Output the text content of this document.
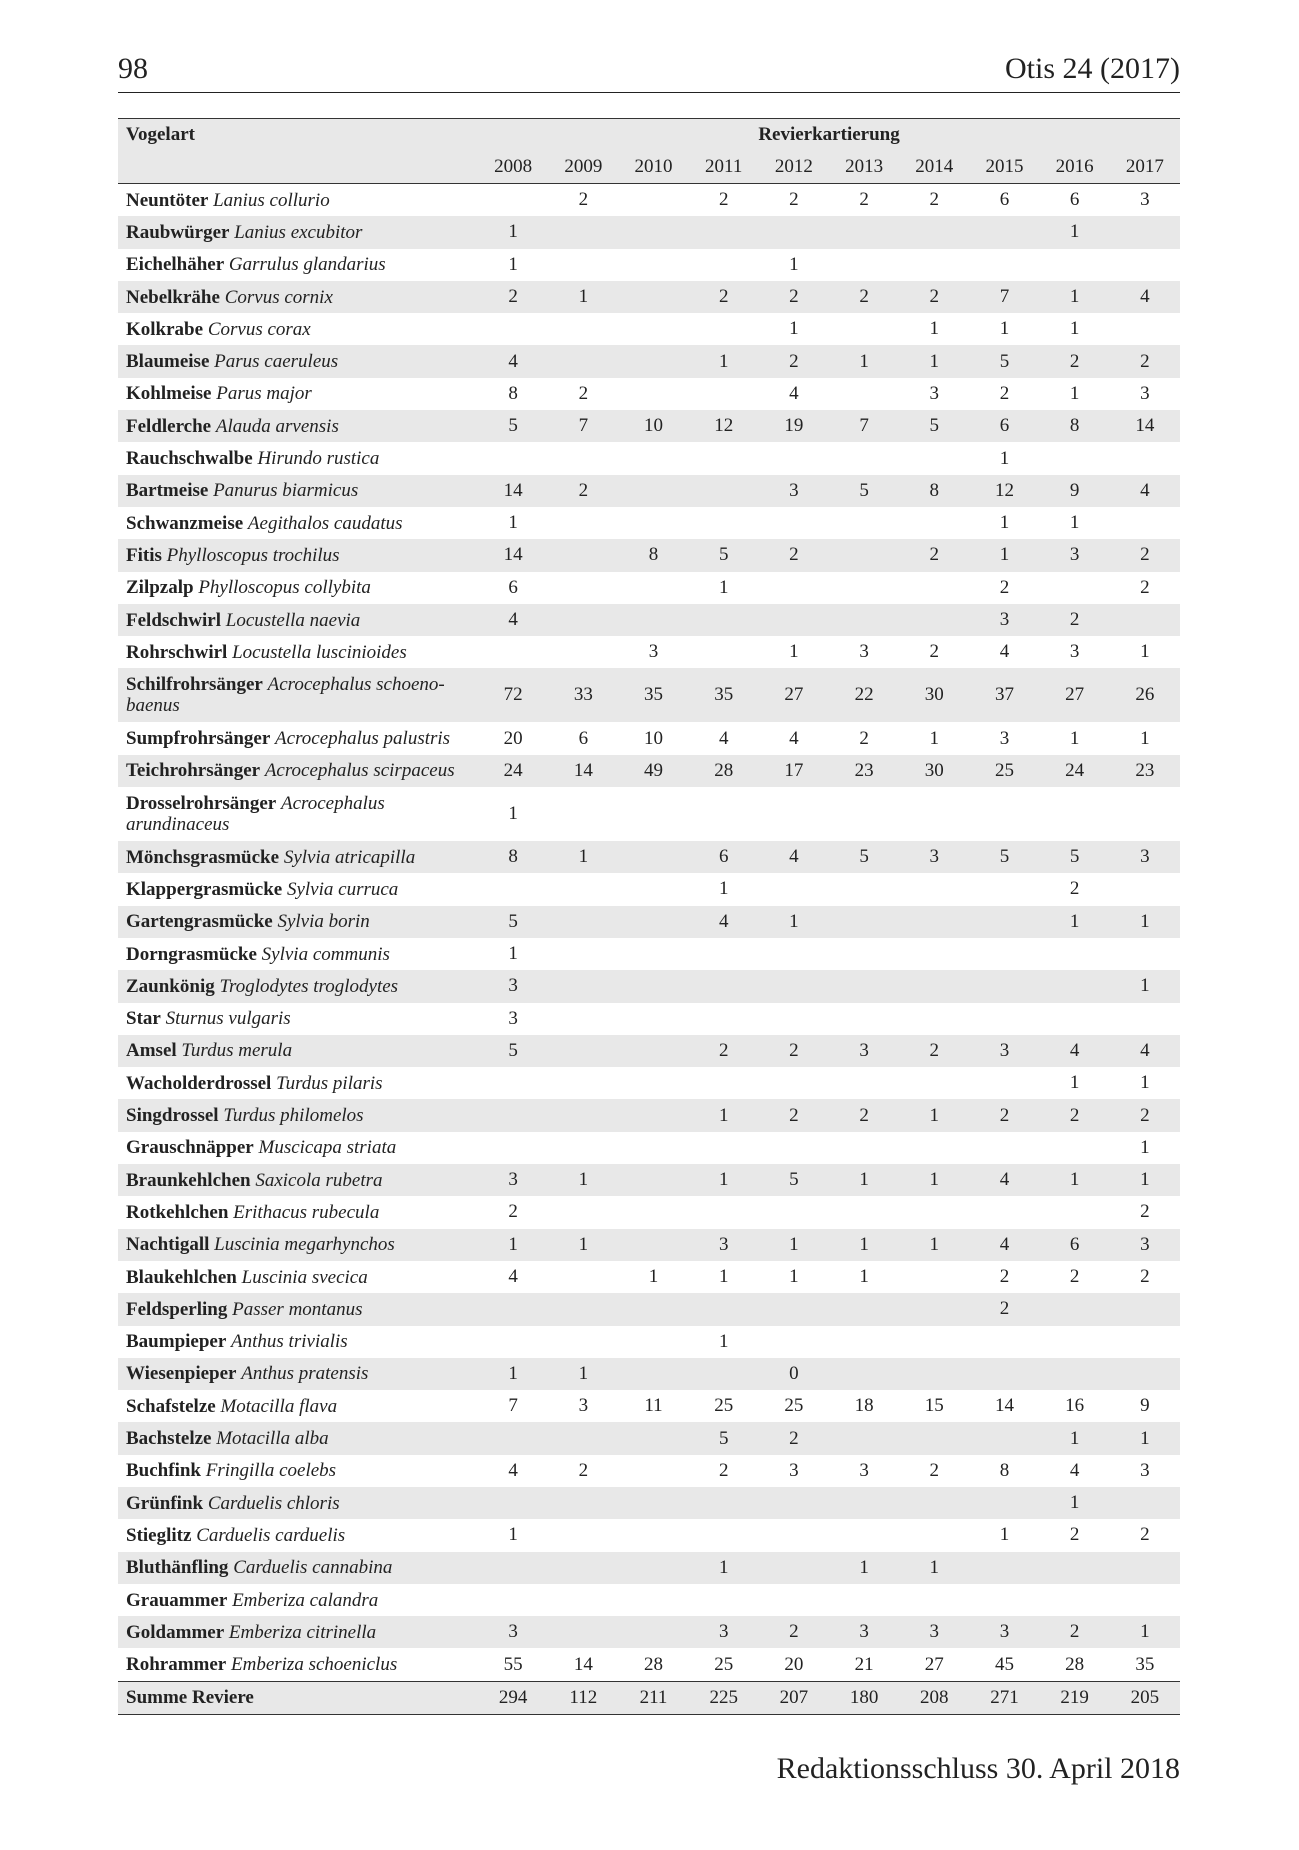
98	Otis 24 (2017)
Vogelart	Revierkartierung									
	2008	2009	2010	2011	2012	2013	2014	2015	2016	2017
Neuntöter Lanius collurio		2		2	2	2	2	6	6	3
Raubwürger Lanius excubitor	1								1	
Eichelhäher Garrulus glandarius	1				1					
Nebelkrähe Corvus cornix	2	1		2	2	2	2	7	1	4
Kolkrabe Corvus corax					1		1	1	1	
Blaumeise Parus caeruleus	4			1	2	1	1	5	2	2
Kohlmeise Parus major	8	2			4		3	2	1	3
Feldlerche Alauda arvensis	5	7	10	12	19	7	5	6	8	14
Rauchschwalbe Hirundo rustica								1		
Bartmeise Panurus biarmicus	14	2			3	5	8	12	9	4
Schwanzmeise Aegithalos caudatus	1							1	1	
Fitis Phylloscopus trochilus	14		8	5	2		2	1	3	2
Zilpzalp Phylloscopus collybita	6			1				2		2
Feldschwirl Locustella naevia	4							3	2	
Rohrschwirl Locustella luscinioides			3		1	3	2	4	3	1
Schilfrohrsänger Acrocephalus schoeno-
baenus	72	33	35	35	27	22	30	37	27	26
Sumpfrohrsänger Acrocephalus palustris	20	6	10	4	4	2	1	3	1	1
Teichrohrsänger Acrocephalus scirpaceus	24	14	49	28	17	23	30	25	24	23
Drosselrohrsänger Acrocephalus
arundinaceus	1									
Mönchsgrasmücke Sylvia atricapilla	8	1		6	4	5	3	5	5	3
Klappergrasmücke Sylvia curruca				1					2	
Gartengrasmücke Sylvia borin	5			4	1				1	1
Dorngrasmücke Sylvia communis	1									
Zaunkönig Troglodytes troglodytes	3									1
Star Sturnus vulgaris	3									
Amsel Turdus merula	5			2	2	3	2	3	4	4
Wacholderdrossel Turdus pilaris									1	1
Singdrossel Turdus philomelos				1	2	2	1	2	2	2
Grauschnäpper Muscicapa striata										1
Braunkehlchen Saxicola rubetra	3	1		1	5	1	1	4	1	1
Rotkehlchen Erithacus rubecula	2									2
Nachtigall Luscinia megarhynchos	1	1		3	1	1	1	4	6	3
Blaukehlchen Luscinia svecica	4		1	1	1	1		2	2	2
Feldsperling Passer montanus								2		
Baumpieper Anthus trivialis				1						
Wiesenpieper Anthus pratensis	1	1			0					
Schafstelze Motacilla flava	7	3	11	25	25	18	15	14	16	9
Bachstelze Motacilla alba				5	2				1	1
Buchfink Fringilla coelebs	4	2		2	3	3	2	8	4	3
Grünfink Carduelis chloris									1	
Stieglitz Carduelis carduelis	1							1	2	2
Bluthänfling Carduelis cannabina				1		1	1			
Grauammer Emberiza calandra										
Goldammer Emberiza citrinella	3			3	2	3	3	3	2	1
Rohrammer Emberiza schoeniclus	55	14	28	25	20	21	27	45	28	35
Summe Reviere	294	112	211	225	207	180	208	271	219	205
Redaktionsschluss 30. April 2018
